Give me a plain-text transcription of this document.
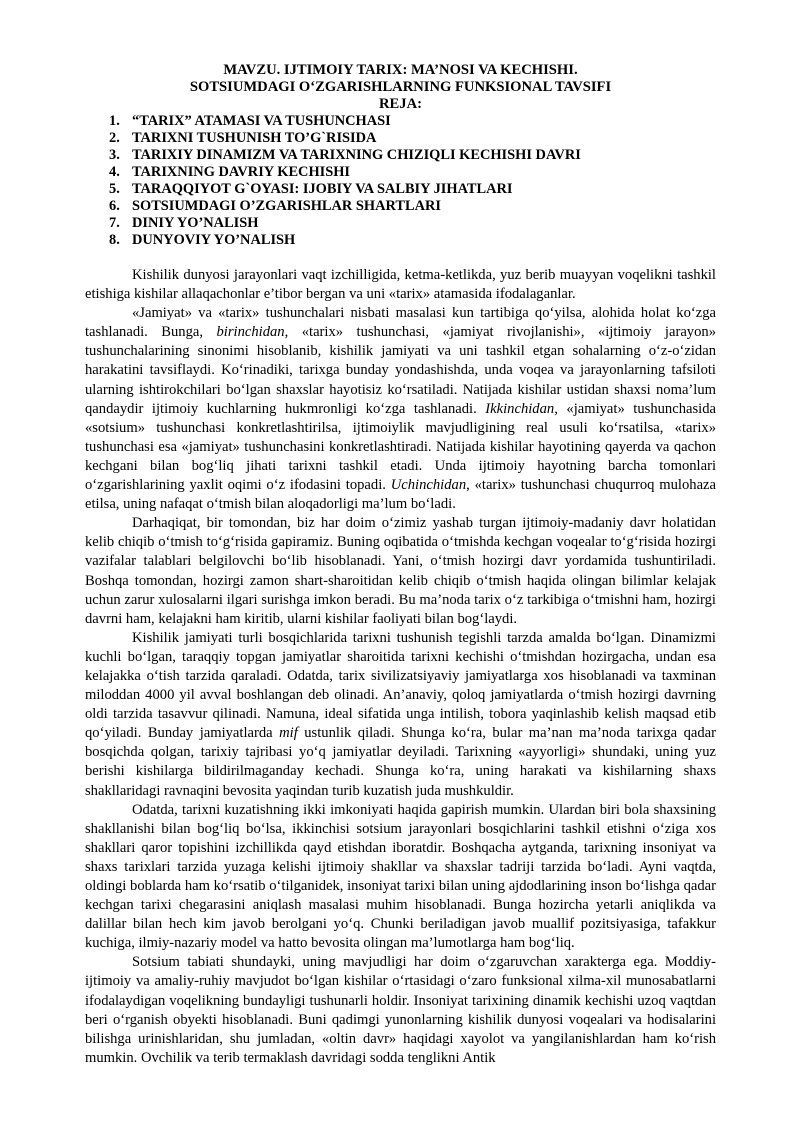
MAVZU. IJTIMOIY TARIX: MA’NOSI VA KECHISHI.

SOTSIUMDAGI O‘ZGARISHLARNING FUNKSIONAL TAVSIFI

REJA:

1. “TARIX” ATAMASI VA TUSHUNCHASI
2. TARIXNI TUSHUNISH TO’G`RISIDA
3. TARIXIY DINAMIZM VA TARIXNING CHIZIQLI KECHISHI DAVRI
4. TARIXNING DAVRIY KECHISHI
5. TARAQQIYOT G`OYASI: IJOBIY VA SALBIY JIHATLARI
6. SOTSIUMDAGI O’ZGARISHLAR SHARTLARI
7. DINIY YO’NALISH
8. DUNYOVIY YO’NALISH

Kishilik dunyosi jarayonlari vaqt izchilligida, ketma-ketlikda, yuz berib muayyan voqelikni tashkil etishiga kishilar allaqachonlar e’tibor bergan va uni «tarix» atamasida ifodalaganlar.

«Jamiyat» va «tarix» tushunchalari nisbati masalasi kun tartibiga qo‘yilsa, alohida holat ko‘zga tashlanadi. Bunga, birinchidan, «tarix» tushunchasi, «jamiyat rivojlanishi», «ijtimoiy jarayon» tushunchalarining sinonimi hisoblanib, kishilik jamiyati va uni tashkil etgan sohalarning o‘z-o‘zidan harakatini tavsiflaydi. Ko‘rinadiki, tarixga bunday yondashishda, unda voqea va jarayonlarning tafsiloti ularning ishtirokchilari bo‘lgan shaxslar hayotisiz ko‘rsatiladi. Natijada kishilar ustidan shaxsi noma’lum qandaydir ijtimoiy kuchlarning hukmronligi ko‘zga tashlanadi. Ikkinchidan, «jamiyat» tushunchasida «sotsium» tushunchasi konkretlashtirilsa, ijtimoiylik mavjudligining real usuli ko‘rsatilsa, «tarix» tushunchasi esa «jamiyat» tushunchasini konkretlashtiradi. Natijada kishilar hayotining qayerda va qachon kechgani bilan bog‘liq jihati tarixni tashkil etadi. Unda ijtimoiy hayotning barcha tomonlari o‘zgarishlarining yaxlit oqimi o‘z ifodasini topadi. Uchinchidan, «tarix» tushunchasi chuqurroq mulohaza etilsa, uning nafaqat o‘tmish bilan aloqadorligi ma’lum bo‘ladi.

Darhaqiqat, bir tomondan, biz har doim o‘zimiz yashab turgan ijtimoiy-madaniy davr holatidan kelib chiqib o‘tmish to‘g‘risida gapiramiz. Buning oqibatida o‘tmishda kechgan voqealar to‘g‘risida hozirgi vazifalar talablari belgilovchi bo‘lib hisoblanadi. Yani, o‘tmish hozirgi davr yordamida tushuntiriladi. Boshqa tomondan, hozirgi zamon shart-sharoitidan kelib chiqib o‘tmish haqida olingan bilimlar kelajak uchun zarur xulosalarni ilgari surishga imkon beradi. Bu ma’noda tarix o‘z tarkibiga o‘tmishni ham, hozirgi davrni ham, kelajakni ham kiritib, ularni kishilar faoliyati bilan bog‘laydi.

Kishilik jamiyati turli bosqichlarida tarixni tushunish tegishli tarzda amalda bo‘lgan. Dinamizmi kuchli bo‘lgan, taraqqiy topgan jamiyatlar sharoitida tarixni kechishi o‘tmishdan hozirgacha, undan esa kelajakka o‘tish tarzida qaraladi. Odatda, tarix sivilizatsiyaviy jamiyatlarga xos hisoblanadi va taxminan miloddan 4000 yil avval boshlangan deb olinadi. An’anaviy, qoloq jamiyatlarda o‘tmish hozirgi davrning oldi tarzida tasavvur qilinadi. Namuna, ideal sifatida unga intilish, tobora yaqinlashib kelish maqsad etib qo‘yiladi. Bunday jamiyatlarda mif ustunlik qiladi. Shunga ko‘ra, bular ma’nan ma’noda tarixga qadar bosqichda qolgan, tarixiy tajribasi yo‘q jamiyatlar deyiladi. Tarixning «ayyorligi» shundaki, uning yuz berishi kishilarga bildirilmaganday kechadi. Shunga ko‘ra, uning harakati va kishilarning shaxs shakllaridagi ravnaqini bevosita yaqindan turib kuzatish juda mushkuldir.

Odatda, tarixni kuzatishning ikki imkoniyati haqida gapirish mumkin. Ulardan biri bola shaxsining shakllanishi bilan bog‘liq bo‘lsa, ikkinchisi sotsium jarayonlari bosqichlarini tashkil etishni o‘ziga xos shakllari qaror topishini izchillikda qayd etishdan iboratdir. Boshqacha aytganda, tarixning insoniyat va shaxs tarixlari tarzida yuzaga kelishi ijtimoiy shakllar va shaxslar tadriji tarzida bo‘ladi. Ayni vaqtda, oldingi boblarda ham ko‘rsatib o‘tilganidek, insoniyat tarixi bilan uning ajdodlarining inson bo‘lishga qadar kechgan tarixi chegarasini aniqlash masalasi muhim hisoblanadi. Bunga hozircha yetarli aniqlikda va dalillar bilan hech kim javob berolgani yo‘q. Chunki beriladigan javob muallif pozitsiyasiga, tafakkur kuchiga, ilmiy-nazariy model va hatto bevosita olingan ma’lumotlarga ham bog‘liq.

Sotsium tabiati shundayki, uning mavjudligi har doim o‘zgaruvchan xarakterga ega. Moddiy-ijtimoiy va amaliy-ruhiy mavjudot bo‘lgan kishilar o‘rtasidagi o‘zaro funksional xilma-xil munosabatlarni ifodalaydigan voqelikning bundayligi tushunarli holdir. Insoniyat tarixining dinamik kechishi uzoq vaqtdan beri o‘rganish obyekti hisoblanadi. Buni qadimgi yunonlarning kishilik dunyosi voqealari va hodisalarini bilishga urinishlaridan, shu jumladan, «oltin davr» haqidagi xayolot va yangilanishlardan ham ko‘rish mumkin. Ovchilik va terib termaklash davridagi sodda tenglikni Antik
